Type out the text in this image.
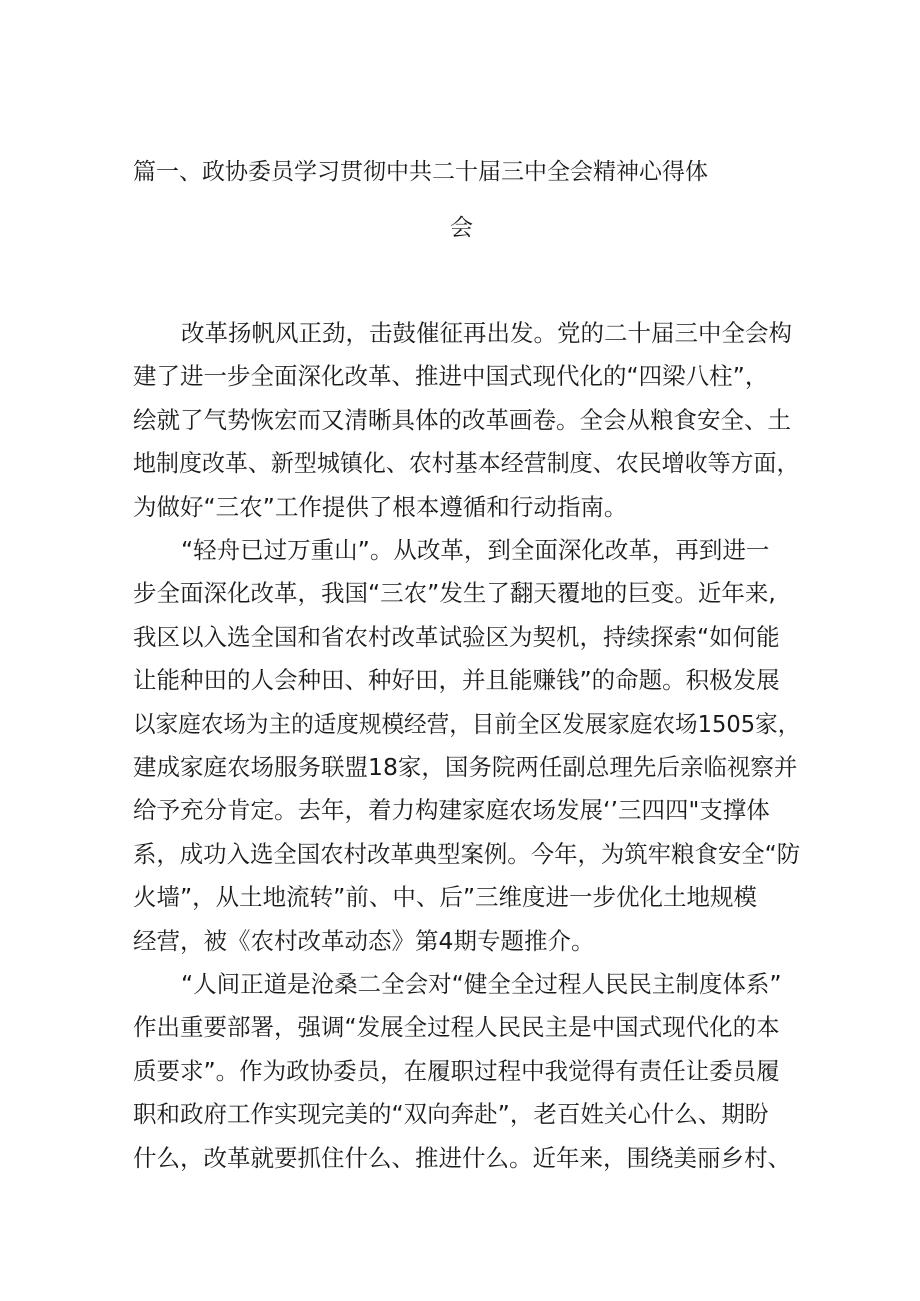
篇一、政协委员学习贯彻中共二十届三中全会精神心得体
会
改革扬帆风正劲，击鼓催征再出发。党的二十届三中全会构
建了进一步全面深化改革、推进中国式现代化的“四梁八柱”，
绘就了气势恢宏而又清晰具体的改革画卷。全会从粮食安全、土
地制度改革、新型城镇化、农村基本经营制度、农民增收等方面，
为做好“三农”工作提供了根本遵循和行动指南。
“轻舟已过万重山”。从改革，到全面深化改革，再到进一
步全面深化改革，我国“三农”发生了翻天覆地的巨变。近年来,
我区以入选全国和省农村改革试验区为契机，持续探索“如何能
让能种田的人会种田、种好田，并且能赚钱”的命题。积极发展
以家庭农场为主的适度规模经营，目前全区发展家庭农场1505家，
建成家庭农场服务联盟18家，国务院两任副总理先后亲临视察并
给予充分肯定。去年，着力构建家庭农场发展‘’三四四"支撑体
系，成功入选全国农村改革典型案例。今年，为筑牢粮食安全“防
火墙”，从土地流转”前、中、后”三维度进一步优化土地规模
经营，被《农村改革动态》第4期专题推介。
“人间正道是沧桑二全会对“健全全过程人民民主制度体系”
作出重要部署，强调“发展全过程人民民主是中国式现代化的本
质要求”。作为政协委员，在履职过程中我觉得有责任让委员履
职和政府工作实现完美的“双向奔赴”，老百姓关心什么、期盼
什么，改革就要抓住什么、推进什么。近年来，围绕美丽乡村、
